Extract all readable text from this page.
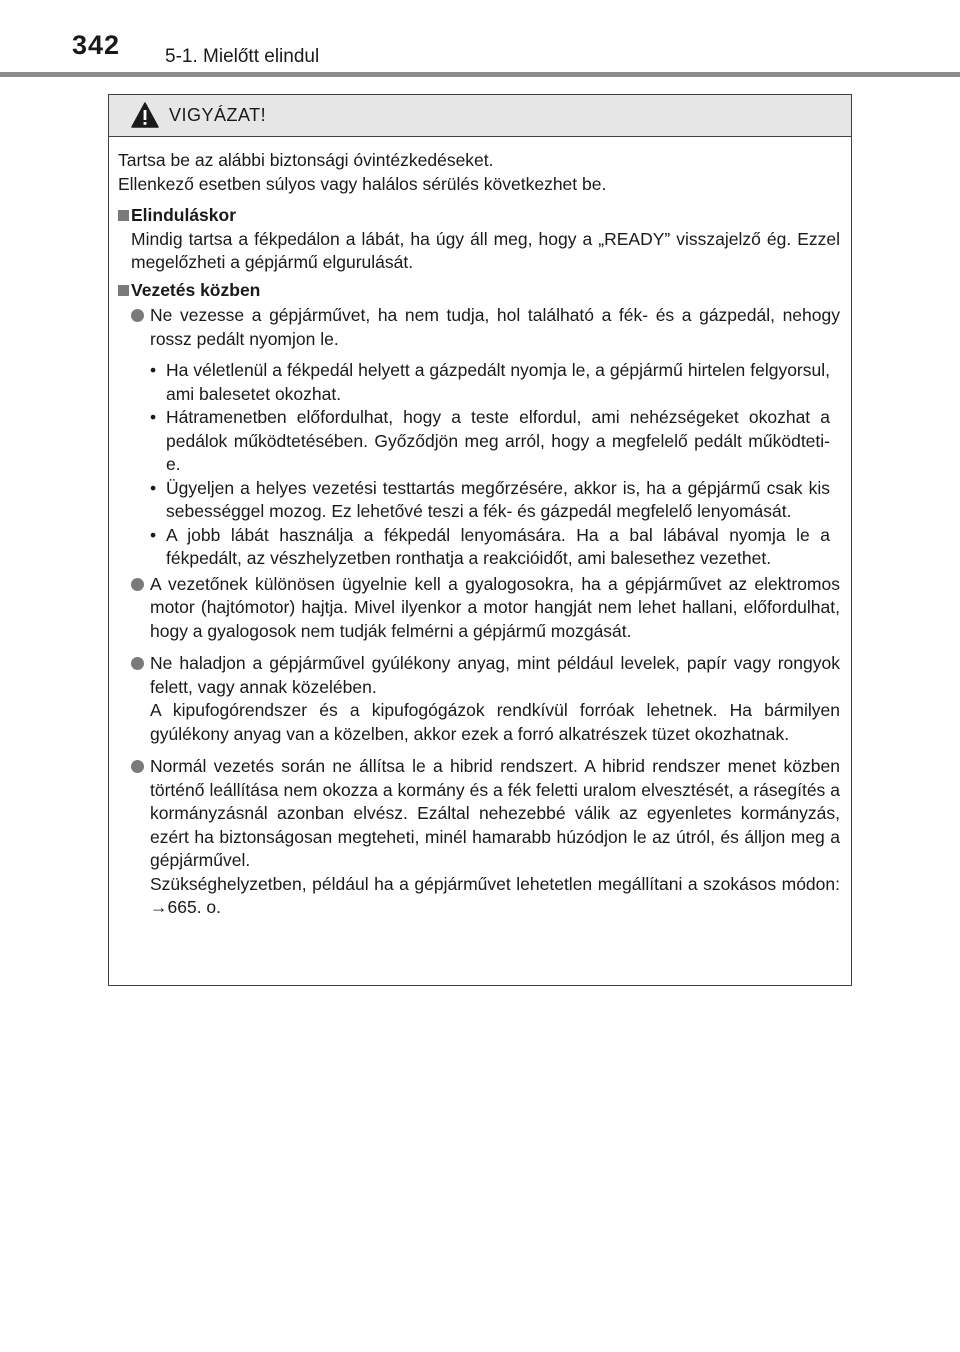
342 5-1. Mielőtt elindul
VIGYÁZAT!
Tartsa be az alábbi biztonsági óvintézkedéseket.
Ellenkező esetben súlyos vagy halálos sérülés következhet be.
Elinduláskor
Mindig tartsa a fékpedálon a lábát, ha úgy áll meg, hogy a „READY” visszajelző ég. Ezzel megelőzheti a gépjármű elgurulását.
Vezetés közben

Ne vezesse a gépjárművet, ha nem tudja, hol található a fék- és a gázpedál, nehogy rossz pedált nyomjon le.

• Ha véletlenül a fékpedál helyett a gázpedált nyomja le, a gépjármű hirtelen felgyorsul, ami balesetet okozhat.
• Hátramenetben előfordulhat, hogy a teste elfordul, ami nehézségeket okozhat a pedálok működtetésében. Győződjön meg arról, hogy a megfelelő pedált működteti-e.
• Ügyeljen a helyes vezetési testtartás megőrzésére, akkor is, ha a gépjármű csak kis sebességgel mozog. Ez lehetővé teszi a fék- és gázpedál megfelelő lenyomását.
• A jobb lábát használja a fékpedál lenyomására. Ha a bal lábával nyomja le a fékpedált, az vészhelyzetben ronthatja a reakcióidőt, ami balesethez vezethet.

A vezetőnek különösen ügyelnie kell a gyalogosokra, ha a gépjárművet az elektromos motor (hajtómotor) hajtja. Mivel ilyenkor a motor hangját nem lehet hallani, előfordulhat, hogy a gyalogosok nem tudják felmérni a gépjármű mozgását.

Ne haladjon a gépjárművel gyúlékony anyag, mint például levelek, papír vagy rongyok felett, vagy annak közelében.

A kipufogórendszer és a kipufogógázok rendkívül forróak lehetnek. Ha bármilyen gyúlékony anyag van a közelben, akkor ezek a forró alkatrészek tüzet okozhatnak.

Normál vezetés során ne állítsa le a hibrid rendszert. A hibrid rendszer menet közben történő leállítása nem okozza a kormány és a fék feletti uralom elvesztését, a rásegítés a kormányzásnál azonban elvész. Ezáltal nehezebbé válik az egyenletes kormányzás, ezért ha biztonságosan megteheti, minél hamarabb húzódjon le az útról, és álljon meg a gépjárművel.

Szükséghelyzetben, például ha a gépjárművet lehetetlen megállítani a szokásos módon: →665. o.
